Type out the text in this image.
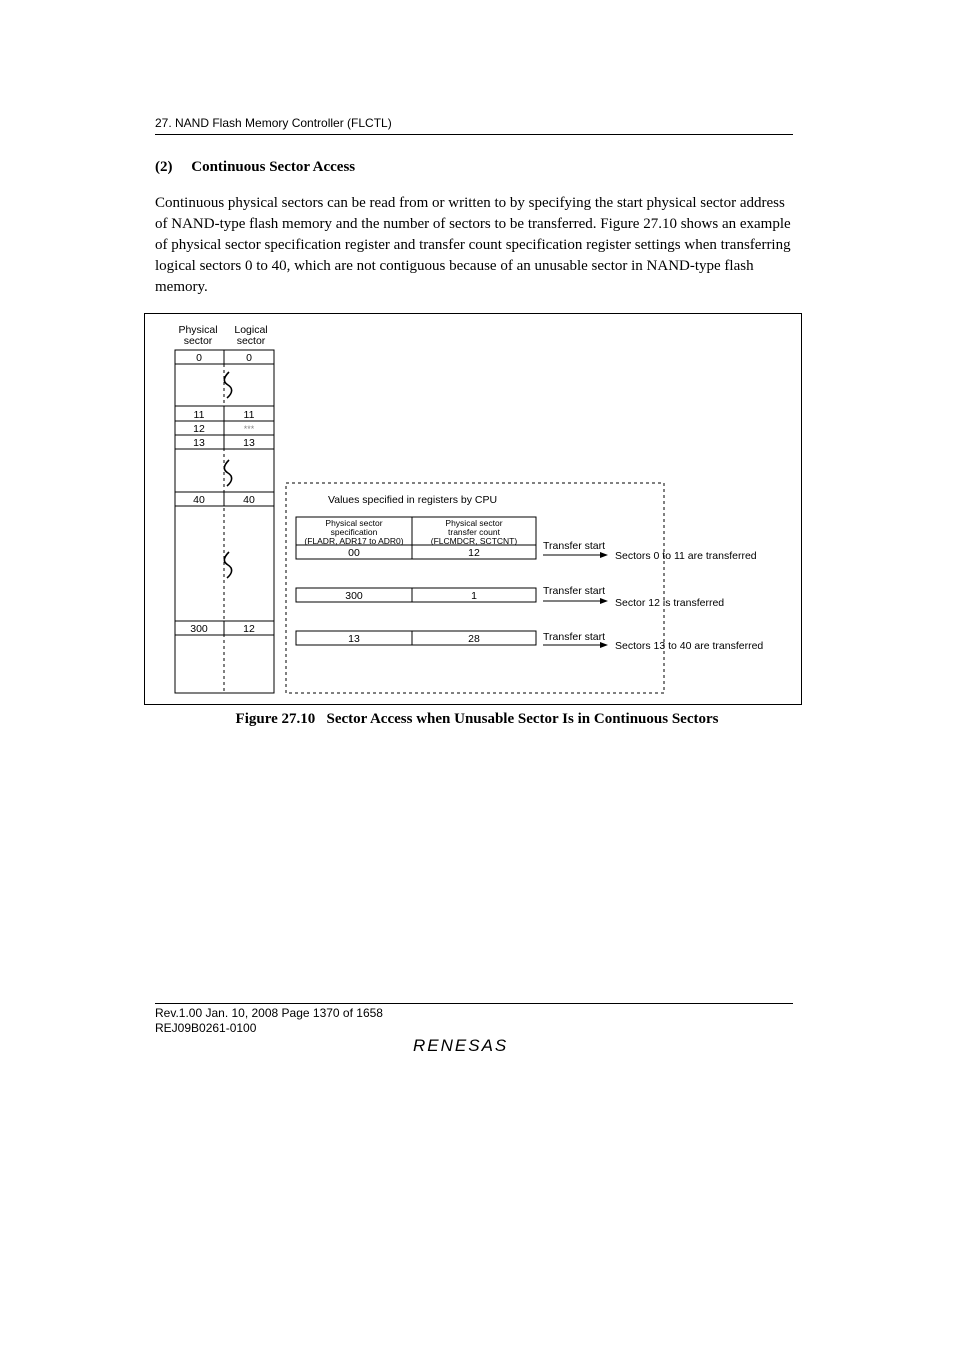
27. NAND Flash Memory Controller (FLCTL)
(2)     Continuous Sector Access

Continuous physical sectors can be read from or written to by specifying the start physical sector address of NAND-type flash memory and the number of sectors to be transferred. Figure 27.10 shows an example of physical sector specification register and transfer count specification register settings when transferring logical sectors 0 to 40, which are not contiguous because of an unusable sector in NAND-type flash memory.

Physical
sector
Logical
sector
0	0
11	11
12	***
13	13
40	40
300	12
Values specified in registers by CPU
Physical sector
specification
(FLADR, ADR17 to ADR0)
Physical sector
transfer count
(FLCMDCR, SCTCNT)
00	12
300	1
13	28
Transfer start
Sectors 0 to 11 are transferred
Transfer start
Sector 12 is transferred
Transfer start
Sectors 13 to 40 are transferred
Figure 27.10   Sector Access when Unusable Sector Is in Continuous Sectors
Rev.1.00 Jan. 10, 2008 Page 1370 of 1658
REJ09B0261-0100
RENESAS
